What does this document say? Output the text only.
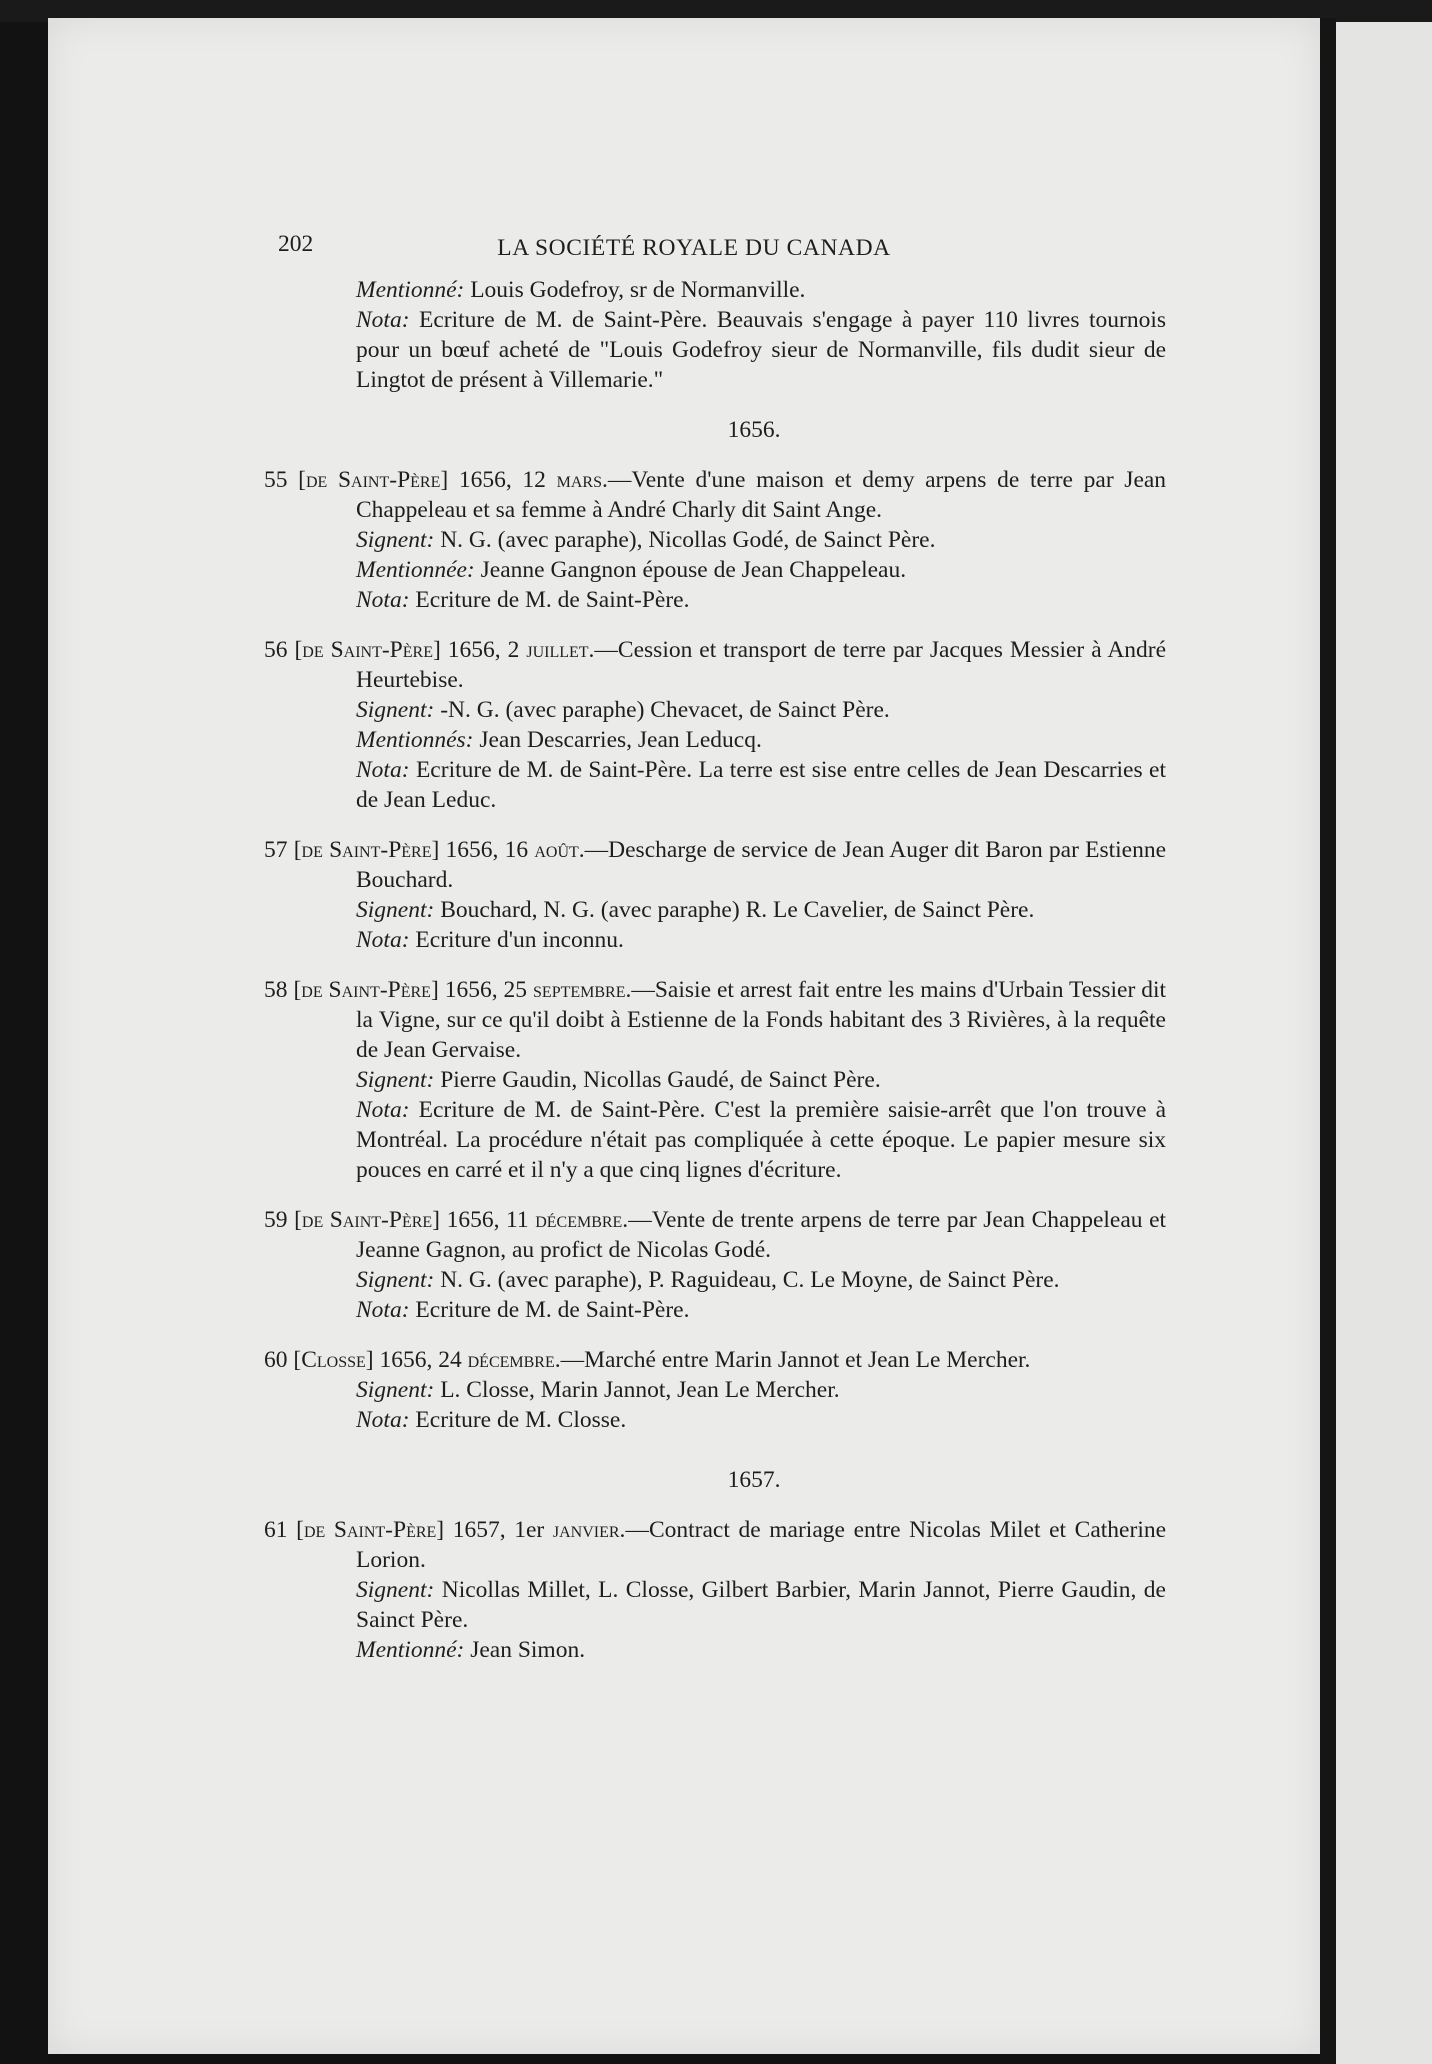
202	LA SOCIÉTÉ ROYALE DU CANADA
Mentionné: Louis Godefroy, sr de Normanville.
Nota: Ecriture de M. de Saint-Père. Beauvais s'engage à payer 110 livres tournois pour un bœuf acheté de "Louis Godefroy sieur de Normanville, fils dudit sieur de Lingtot de présent à Villemarie."
1656.
55 [de Saint-Père] 1656, 12 mars.—Vente d'une maison et demy arpens de terre par Jean Chappeleau et sa femme à André Charly dit Saint Ange.
Signent: N. G. (avec paraphe), Nicollas Godé, de Sainct Père.
Mentionnée: Jeanne Gangnon épouse de Jean Chappeleau.
Nota: Ecriture de M. de Saint-Père.
56 [de Saint-Père] 1656, 2 juillet.—Cession et transport de terre par Jacques Messier à André Heurtebise.
Signent: -N. G. (avec paraphe) Chevacet, de Sainct Père.
Mentionnés: Jean Descarries, Jean Leducq.
Nota: Ecriture de M. de Saint-Père. La terre est sise entre celles de Jean Descarries et de Jean Leduc.
57 [de Saint-Père] 1656, 16 août.—Descharge de service de Jean Auger dit Baron par Estienne Bouchard.
Signent: Bouchard, N. G. (avec paraphe) R. Le Cavelier, de Sainct Père.
Nota: Ecriture d'un inconnu.
58 [de Saint-Père] 1656, 25 septembre.—Saisie et arrest fait entre les mains d'Urbain Tessier dit la Vigne, sur ce qu'il doibt à Estienne de la Fonds habitant des 3 Rivières, à la requête de Jean Gervaise.
Signent: Pierre Gaudin, Nicollas Gaudé, de Sainct Père.
Nota: Ecriture de M. de Saint-Père. C'est la première saisie-arrêt que l'on trouve à Montréal. La procédure n'était pas compliquée à cette époque. Le papier mesure six pouces en carré et il n'y a que cinq lignes d'écriture.
59 [de Saint-Père] 1656, 11 décembre.—Vente de trente arpens de terre par Jean Chappeleau et Jeanne Gagnon, au profict de Nicolas Godé.
Signent: N. G. (avec paraphe), P. Raguideau, C. Le Moyne, de Sainct Père.
Nota: Ecriture de M. de Saint-Père.
60 [Closse] 1656, 24 décembre.—Marché entre Marin Jannot et Jean Le Mercher.
Signent: L. Closse, Marin Jannot, Jean Le Mercher.
Nota: Ecriture de M. Closse.
1657.
61 [de Saint-Père] 1657, 1er janvier.—Contract de mariage entre Nicolas Milet et Catherine Lorion.
Signent: Nicollas Millet, L. Closse, Gilbert Barbier, Marin Jannot, Pierre Gaudin, de Sainct Père.
Mentionné: Jean Simon.
